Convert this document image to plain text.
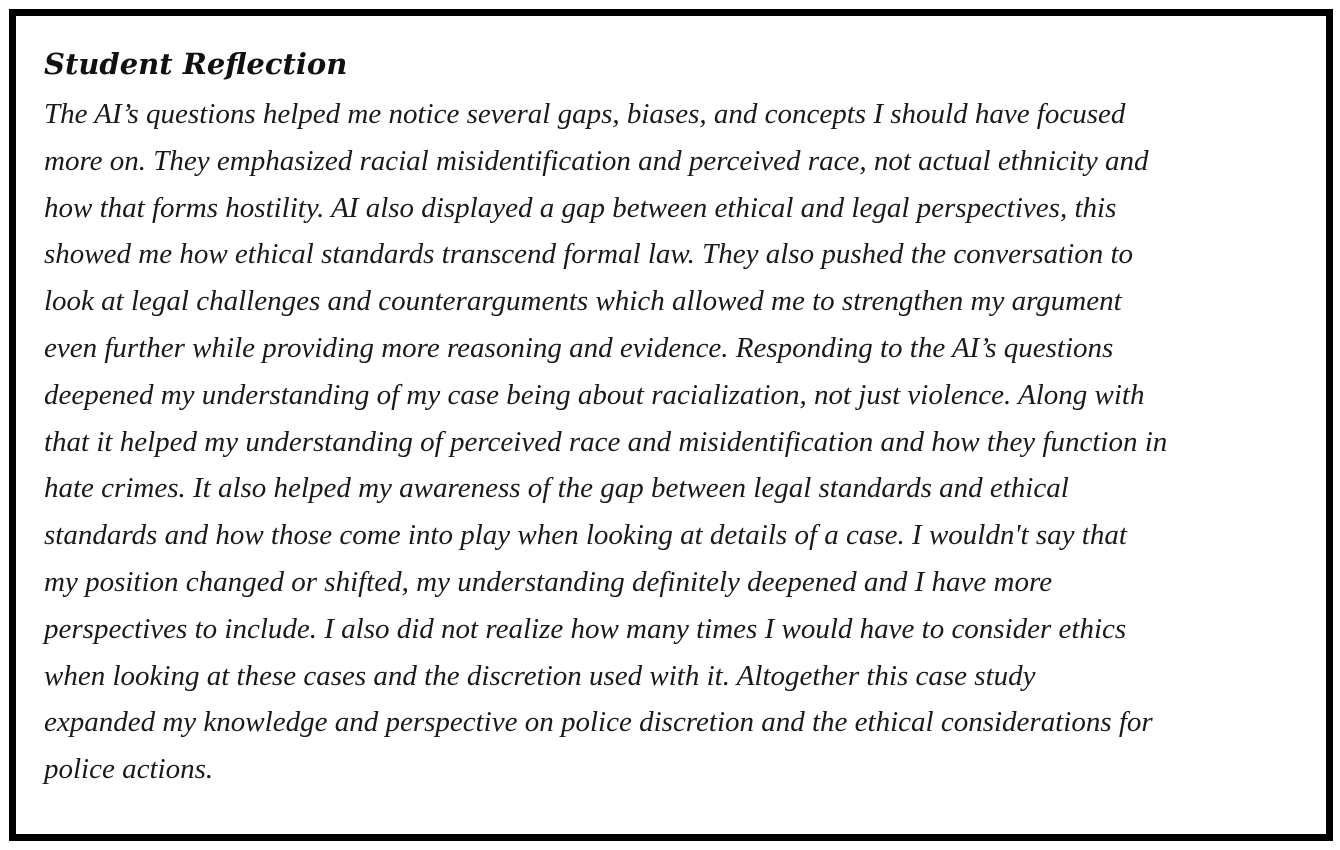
Student Reflection

The AI’s questions helped me notice several gaps, biases, and concepts I should have focused
more on. They emphasized racial misidentification and perceived race, not actual ethnicity and
how that forms hostility. AI also displayed a gap between ethical and legal perspectives, this
showed me how ethical standards transcend formal law. They also pushed the conversation to
look at legal challenges and counterarguments which allowed me to strengthen my argument
even further while providing more reasoning and evidence. Responding to the AI’s questions
deepened my understanding of my case being about racialization, not just violence. Along with
that it helped my understanding of perceived race and misidentification and how they function in
hate crimes. It also helped my awareness of the gap between legal standards and ethical
standards and how those come into play when looking at details of a case. I wouldn't say that
my position changed or shifted, my understanding definitely deepened and I have more
perspectives to include. I also did not realize how many times I would have to consider ethics
when looking at these cases and the discretion used with it. Altogether this case study
expanded my knowledge and perspective on police discretion and the ethical considerations for
police actions.
